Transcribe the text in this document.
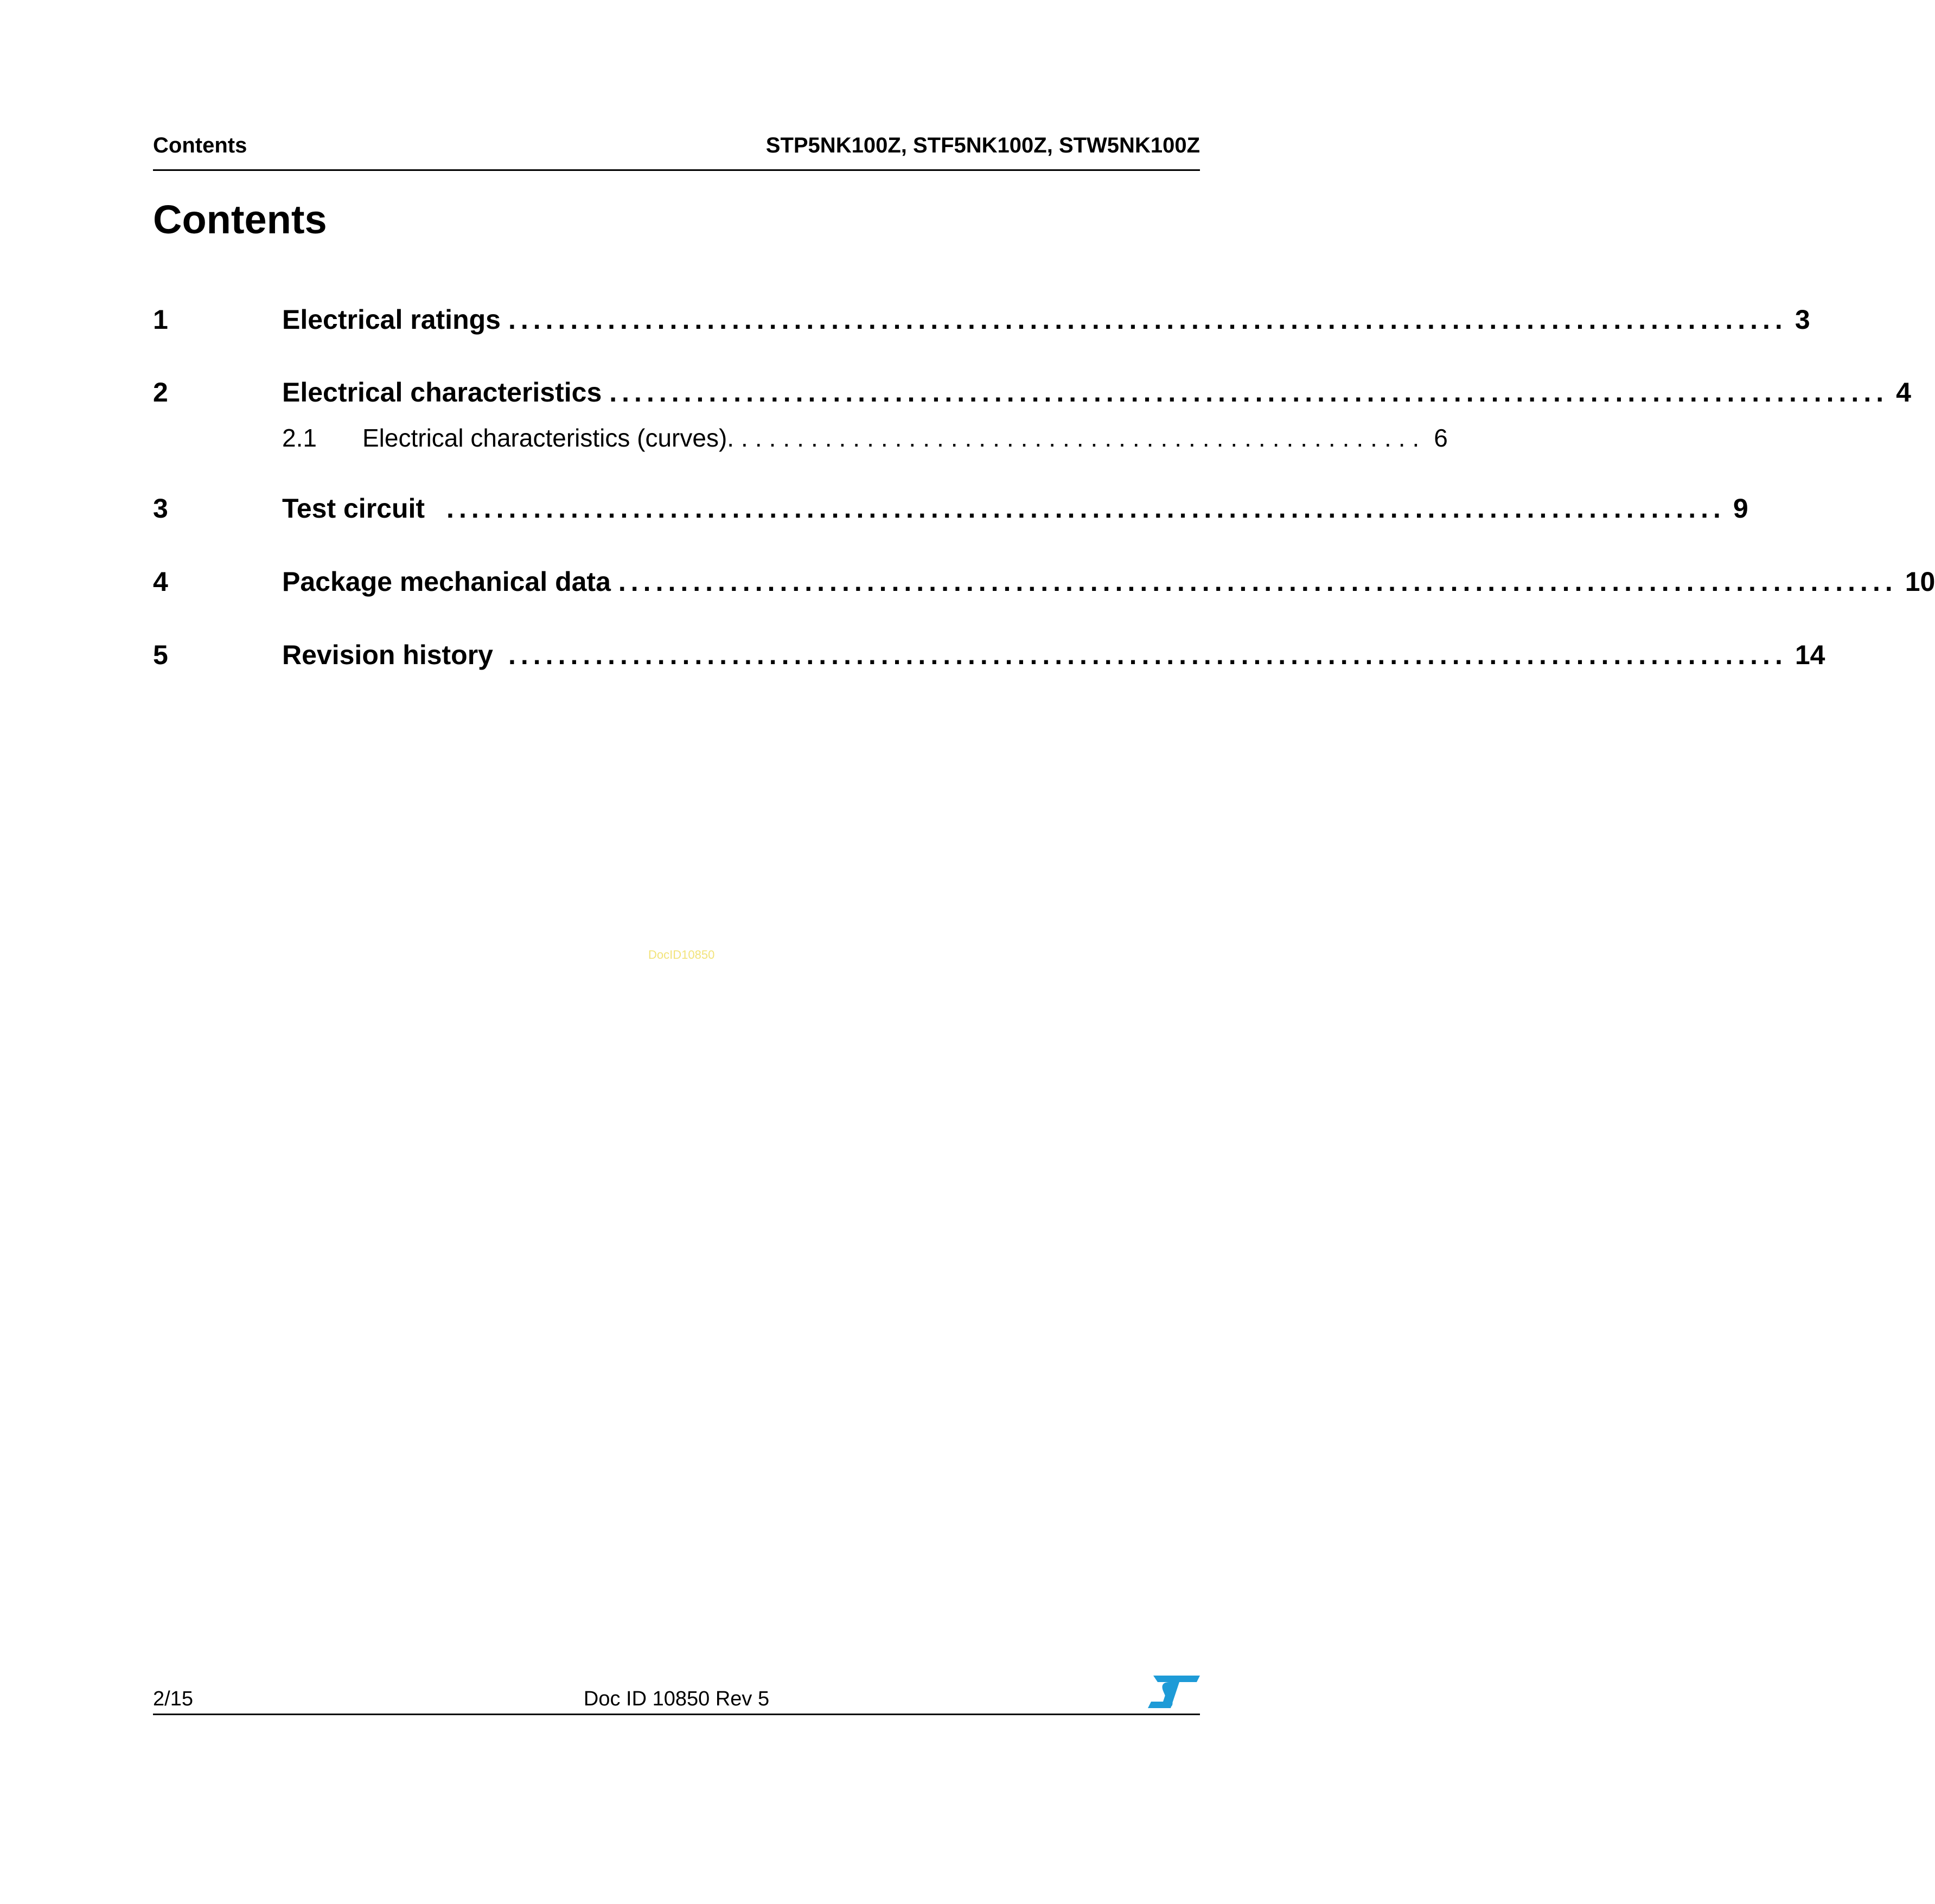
Contents	STP5NK100Z, STF5NK100Z, STW5NK100Z
Contents
1	Electrical ratings ....................................................................................................... 3
2	Electrical characteristics ....................................................................................................... 4
2.1	Electrical characteristics (curves) .................................................. 6
3	Test circuit ....................................................................................................... 9
4	Package mechanical data ....................................................................................................... 10
5	Revision history ....................................................................................................... 14
DocID10850
2/15	Doc ID 10850 Rev 5
